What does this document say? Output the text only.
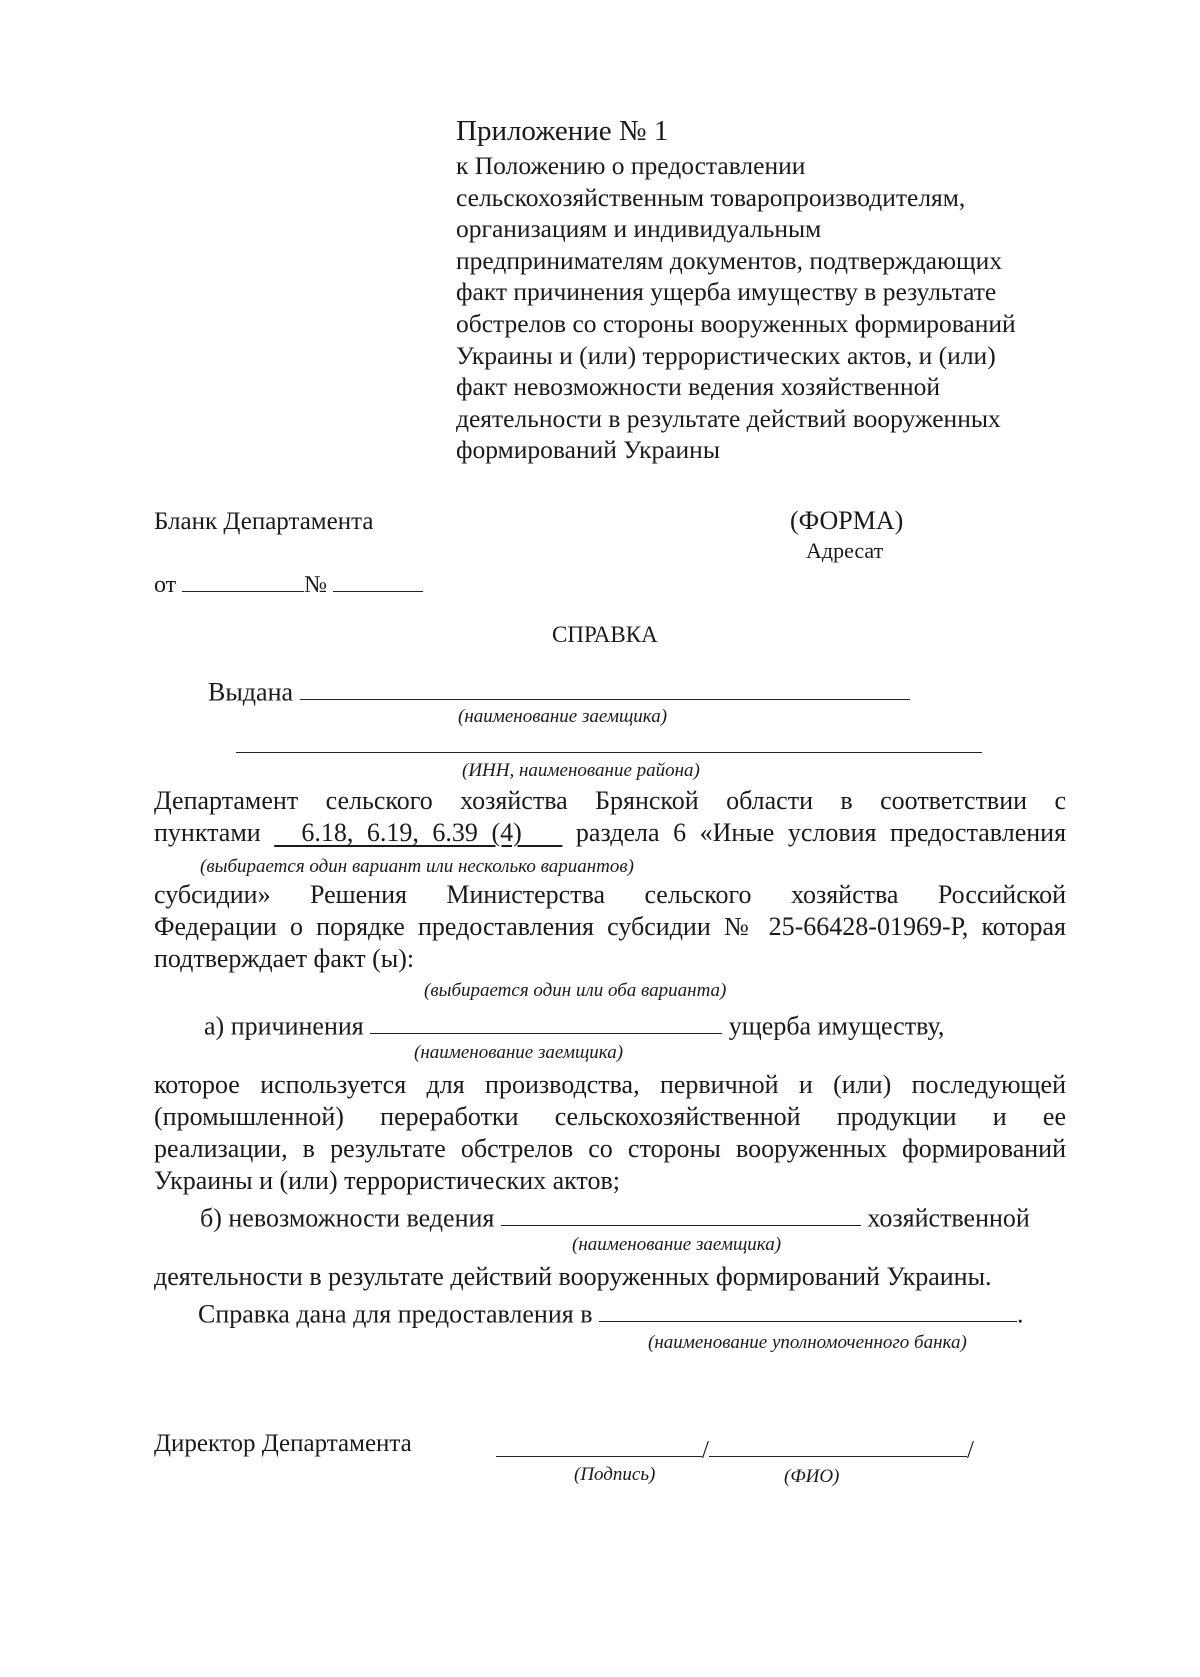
Приложение № 1
к Положению о предоставлении
сельскохозяйственным товаропроизводителям,
организациям и индивидуальным
предпринимателям документов, подтверждающих
факт причинения ущерба имуществу в результате
обстрелов со стороны вооруженных формирований
Украины и (или) террористических актов, и (или)
факт невозможности ведения хозяйственной
деятельности в результате действий вооруженных
формирований Украины
Бланк Департамента	(ФОРМА)
Адресат
от	№
СПРАВКА
Выдана
(наименование заемщика)
(ИНН, наименование района)
Департамент сельского хозяйства Брянской области в соответствии с
пунктами 6.18, 6.19, 6.39 (4) раздела 6 «Иные условия предоставления
(выбирается один вариант или несколько вариантов)
субсидии» Решения Министерства сельского хозяйства Российской
Федерации о порядке предоставления субсидии № 25-66428-01969-Р, которая
подтверждает факт (ы):
(выбирается один или оба варианта)
а) причинения	ущерба имуществу,
(наименование заемщика)
которое используется для производства, первичной и (или) последующей
(промышленной) переработки сельскохозяйственной продукции и ее
реализации, в результате обстрелов со стороны вооруженных формирований
Украины и (или) террористических актов;
б) невозможности ведения	хозяйственной
(наименование заемщика)
деятельности в результате действий вооруженных формирований Украины.
Справка дана для предоставления в	.
(наименование уполномоченного банка)
Директор Департамента	/	/
(Подпись)	(ФИО)
